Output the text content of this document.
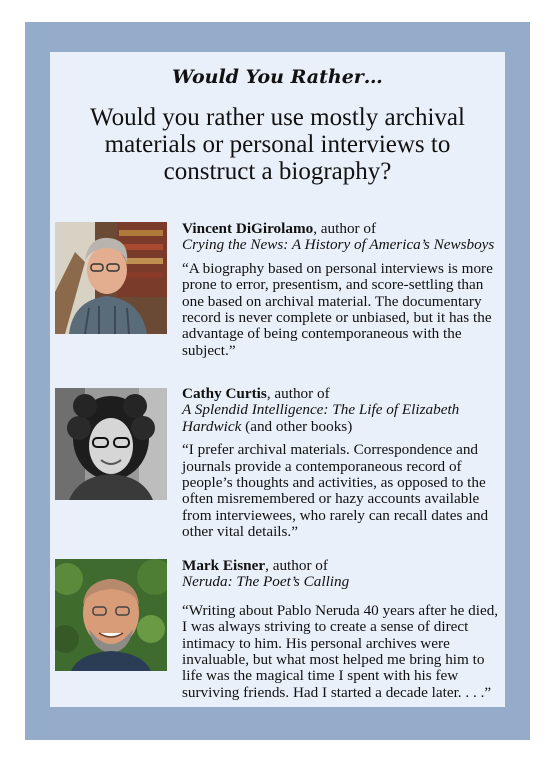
Would You Rather…
Would you rather use mostly archival materials or personal interviews to construct a biography?
Vincent DiGirolamo, author of
Crying the News: A History of America’s Newsboys
“A biography based on personal interviews is more prone to error, presentism, and score-settling than one based on archival material. The documentary record is never complete or unbiased, but it has the advantage of being contemporaneous with the subject.”
Cathy Curtis, author of
A Splendid Intelligence: The Life of Elizabeth Hardwick (and other books)
“I prefer archival materials. Correspondence and journals provide a contemporaneous record of people’s thoughts and activities, as opposed to the often misremembered or hazy accounts available from interviewees, who rarely can recall dates and other vital details.”
Mark Eisner, author of
Neruda: The Poet’s Calling
“Writing about Pablo Neruda 40 years after he died, I was always striving to create a sense of direct intimacy to him. His personal archives were invaluable, but what most helped me bring him to life was the magical time I spent with his few surviving friends. Had I started a decade later. . . .”
